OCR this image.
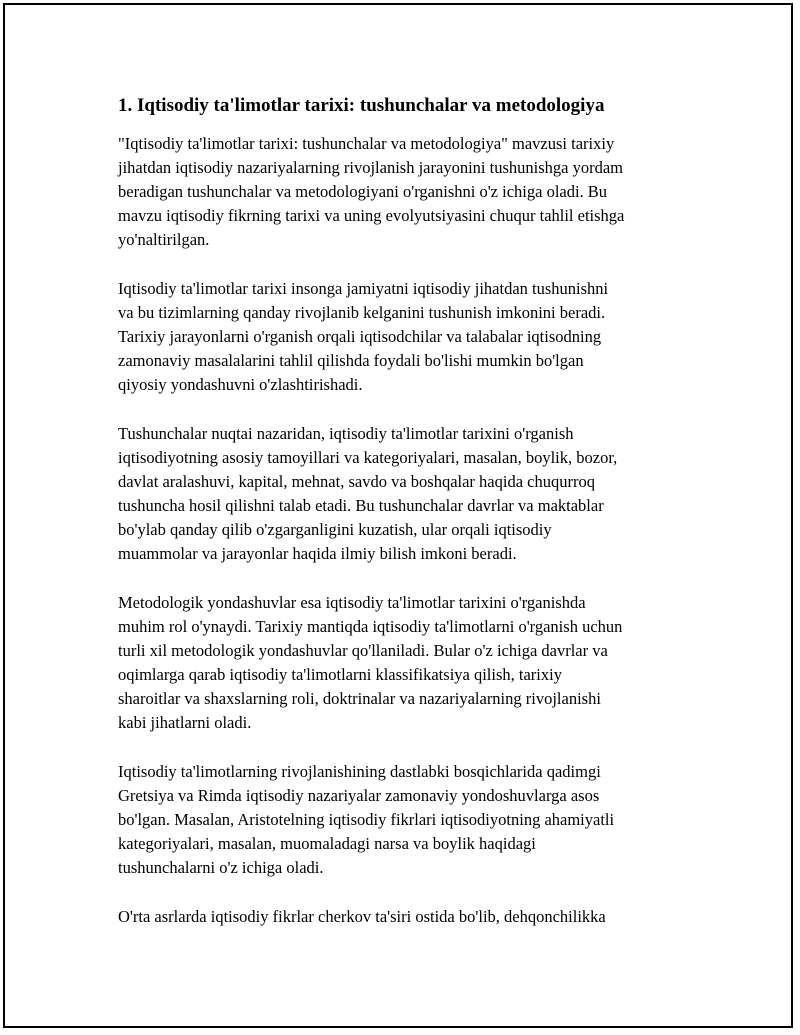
1. Iqtisodiy ta'limotlar tarixi: tushunchalar va metodologiya

"Iqtisodiy ta'limotlar tarixi: tushunchalar va metodologiya" mavzusi tarixiy
jihatdan iqtisodiy nazariyalarning rivojlanish jarayonini tushunishga yordam
beradigan tushunchalar va metodologiyani o'rganishni o'z ichiga oladi. Bu
mavzu iqtisodiy fikrning tarixi va uning evolyutsiyasini chuqur tahlil etishga
yo'naltirilgan.

Iqtisodiy ta'limotlar tarixi insonga jamiyatni iqtisodiy jihatdan tushunishni
va bu tizimlarning qanday rivojlanib kelganini tushunish imkonini beradi.
Tarixiy jarayonlarni o'rganish orqali iqtisodchilar va talabalar iqtisodning
zamonaviy masalalarini tahlil qilishda foydali bo'lishi mumkin bo'lgan
qiyosiy yondashuvni o'zlashtirishadi.

Tushunchalar nuqtai nazaridan, iqtisodiy ta'limotlar tarixini o'rganish
iqtisodiyotning asosiy tamoyillari va kategoriyalari, masalan, boylik, bozor,
davlat aralashuvi, kapital, mehnat, savdo va boshqalar haqida chuqurroq
tushuncha hosil qilishni talab etadi. Bu tushunchalar davrlar va maktablar
bo'ylab qanday qilib o'zgarganligini kuzatish, ular orqali iqtisodiy
muammolar va jarayonlar haqida ilmiy bilish imkoni beradi.

Metodologik yondashuvlar esa iqtisodiy ta'limotlar tarixini o'rganishda
muhim rol o'ynaydi. Tarixiy mantiqda iqtisodiy ta'limotlarni o'rganish uchun
turli xil metodologik yondashuvlar qo'llaniladi. Bular o'z ichiga davrlar va
oqimlarga qarab iqtisodiy ta'limotlarni klassifikatsiya qilish, tarixiy
sharoitlar va shaxslarning roli, doktrinalar va nazariyalarning rivojlanishi
kabi jihatlarni oladi.

Iqtisodiy ta'limotlarning rivojlanishining dastlabki bosqichlarida qadimgi
Gretsiya va Rimda iqtisodiy nazariyalar zamonaviy yondoshuvlarga asos
bo'lgan. Masalan, Aristotelning iqtisodiy fikrlari iqtisodiyotning ahamiyatli
kategoriyalari, masalan, muomaladagi narsa va boylik haqidagi
tushunchalarni o'z ichiga oladi.

O'rta asrlarda iqtisodiy fikrlar cherkov ta'siri ostida bo'lib, dehqonchilikka
